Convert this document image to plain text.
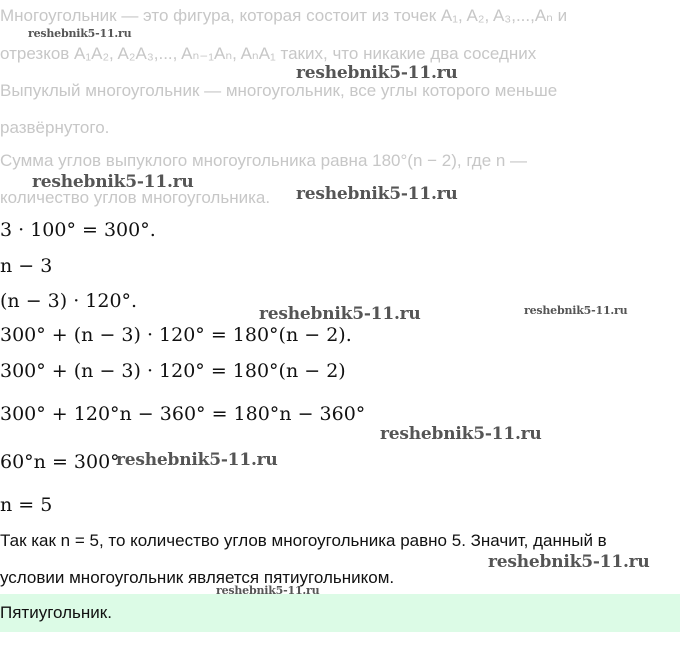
Многоугольник — это фигура, которая состоит из точек A₁, A₂, A₃,...,Aₙ и
отрезков A₁A₂, A₂A₃,..., Aₙ₋₁Aₙ, AₙA₁ таких, что никакие два соседних
Выпуклый многоугольник — многоугольник, все углы которого меньше
развёрнутого.
Сумма углов выпуклого многоугольника равна 180°(n − 2), где n —
количество углов многоугольника.
3 · 100° = 300°.
n − 3
(n − 3) · 120°.
300° + (n − 3) · 120° = 180°(n − 2).
300° + (n − 3) · 120° = 180°(n − 2)
300° + 120°n − 360° = 180°n − 360°
60°n = 300°
n = 5
Так как n = 5, то количество углов многоугольника равно 5. Значит, данный в
условии многоугольник является пятиугольником.
Пятиугольник.
reshebnik5-11.ru
reshebnik5-11.ru
reshebnik5-11.ru
reshebnik5-11.ru
reshebnik5-11.ru	reshebnik5-11.ru
reshebnik5-11.ru
reshebnik5-11.ru
reshebnik5-11.ru
reshebnik5-11.ru
